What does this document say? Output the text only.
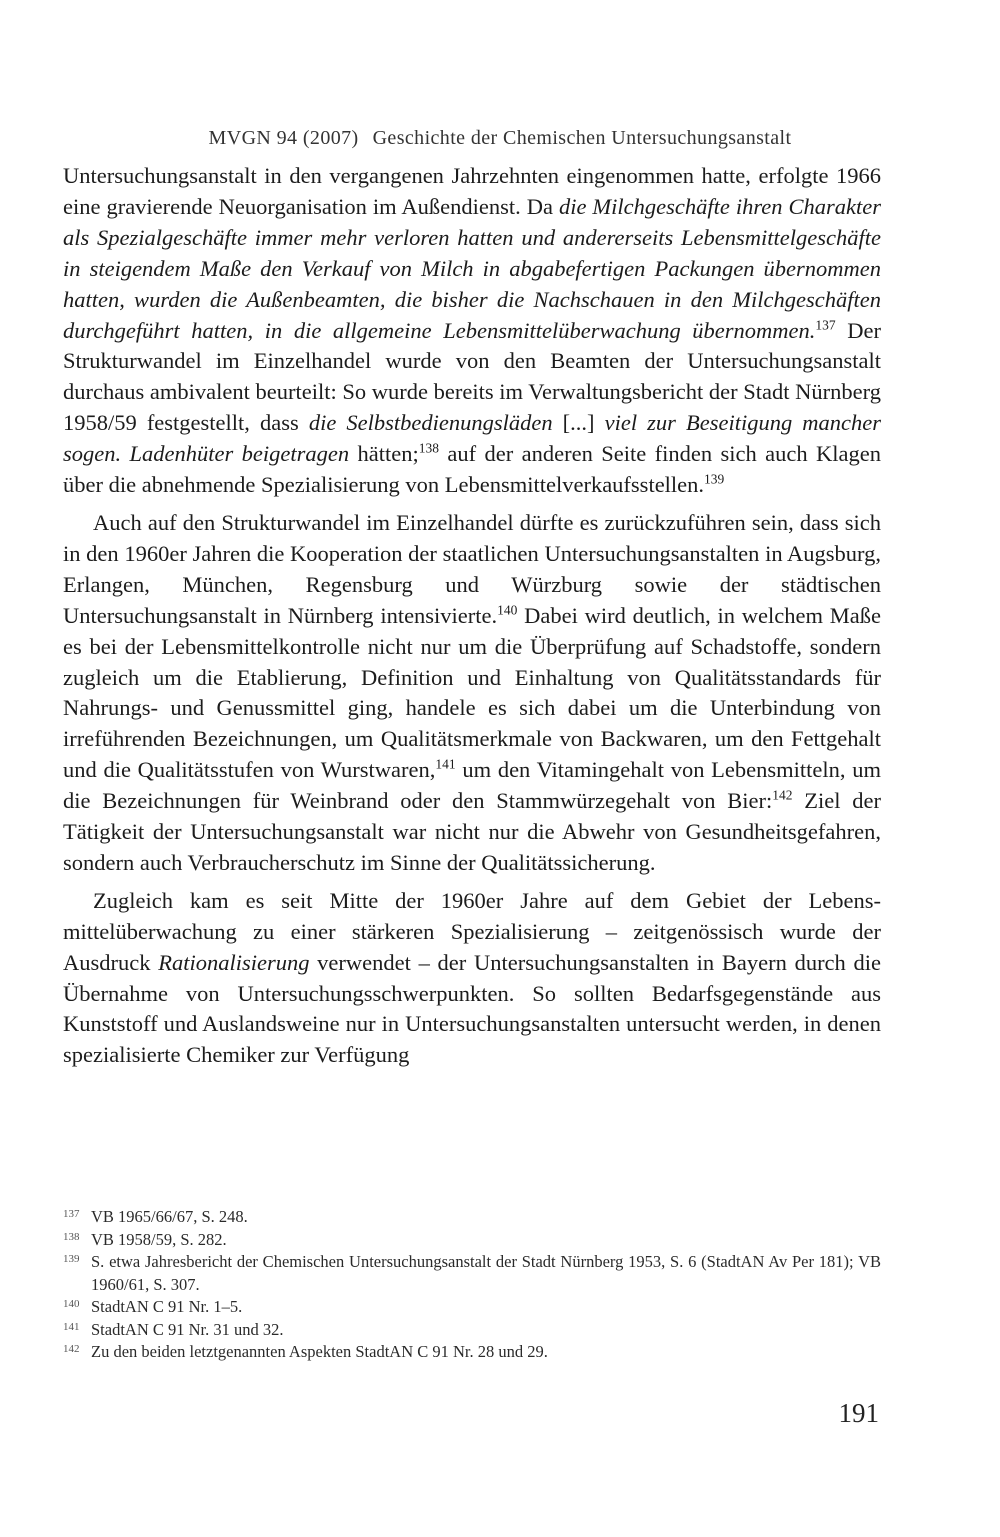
MVGN 94 (2007) Geschichte der Chemischen Untersuchungsanstalt

Untersuchungsanstalt in den vergangenen Jahrzehnten eingenommen hatte, erfolgte 1966 eine gravierende Neuorganisation im Außendienst. Da die Milchgeschäfte ihren Charakter als Spezialgeschäfte immer mehr verloren hatten und andererseits Lebensmittelgeschäfte in steigendem Maße den Verkauf von Milch in abgabefertigen Packungen übernommen hatten, wurden die Außenbeamten, die bisher die Nachschauen in den Milchgeschäften durchgeführt hatten, in die allgemeine Lebensmittelüberwachung übernommen.$^{137}$ Der Strukturwandel im Einzelhandel wurde von den Beamten der Untersuchungsanstalt durchaus ambivalent beurteilt: So wurde bereits im Verwaltungsbericht der Stadt Nürnberg 1958/59 festgestellt, dass die Selbstbedienungsläden [...] viel zur Beseitigung mancher sogen. Ladenhüter beigetragen hätten;$^{138}$ auf der anderen Seite finden sich auch Klagen über die abnehmende Spezialisierung von Lebensmittelverkaufsstellen.$^{139}$

Auch auf den Strukturwandel im Einzelhandel dürfte es zurückzuführen sein, dass sich in den 1960er Jahren die Kooperation der staatlichen Untersuchungsanstalten in Augsburg, Erlangen, München, Regensburg und Würzburg sowie der städtischen Untersuchungsanstalt in Nürnberg intensivierte.$^{140}$ Dabei wird deutlich, in welchem Maße es bei der Lebensmittelkontrolle nicht nur um die Überprüfung auf Schadstoffe, sondern zugleich um die Etablierung, Definition und Einhaltung von Qualitätsstandards für Nahrungs- und Genussmittel ging, handele es sich dabei um die Unterbindung von irreführenden Bezeichnungen, um Qualitätsmerkmale von Backwaren, um den Fettgehalt und die Qualitätsstufen von Wurstwaren,$^{141}$ um den Vitamingehalt von Lebensmitteln, um die Bezeichnungen für Weinbrand oder den Stammwürzegehalt von Bier:$^{142}$ Ziel der Tätigkeit der Untersuchungsanstalt war nicht nur die Abwehr von Gesundheitsgefahren, sondern auch Verbraucherschutz im Sinne der Qualitätssicherung.

Zugleich kam es seit Mitte der 1960er Jahre auf dem Gebiet der Lebensmittelüberwachung zu einer stärkeren Spezialisierung – zeitgenössisch wurde der Ausdruck Rationalisierung verwendet – der Untersuchungsanstalten in Bayern durch die Übernahme von Untersuchungsschwerpunkten. So sollten Bedarfsgegenstände aus Kunststoff und Auslandsweine nur in Untersuchungsanstalten untersucht werden, in denen spezialisierte Chemiker zur Verfügung

137 VB 1965/66/67, S. 248.
138 VB 1958/59, S. 282.
139 S. etwa Jahresbericht der Chemischen Untersuchungsanstalt der Stadt Nürnberg 1953, S. 6 (StadtAN Av Per 181); VB 1960/61, S. 307.
140 StadtAN C 91 Nr. 1–5.
141 StadtAN C 91 Nr. 31 und 32.
142 Zu den beiden letztgenannten Aspekten StadtAN C 91 Nr. 28 und 29.
191
